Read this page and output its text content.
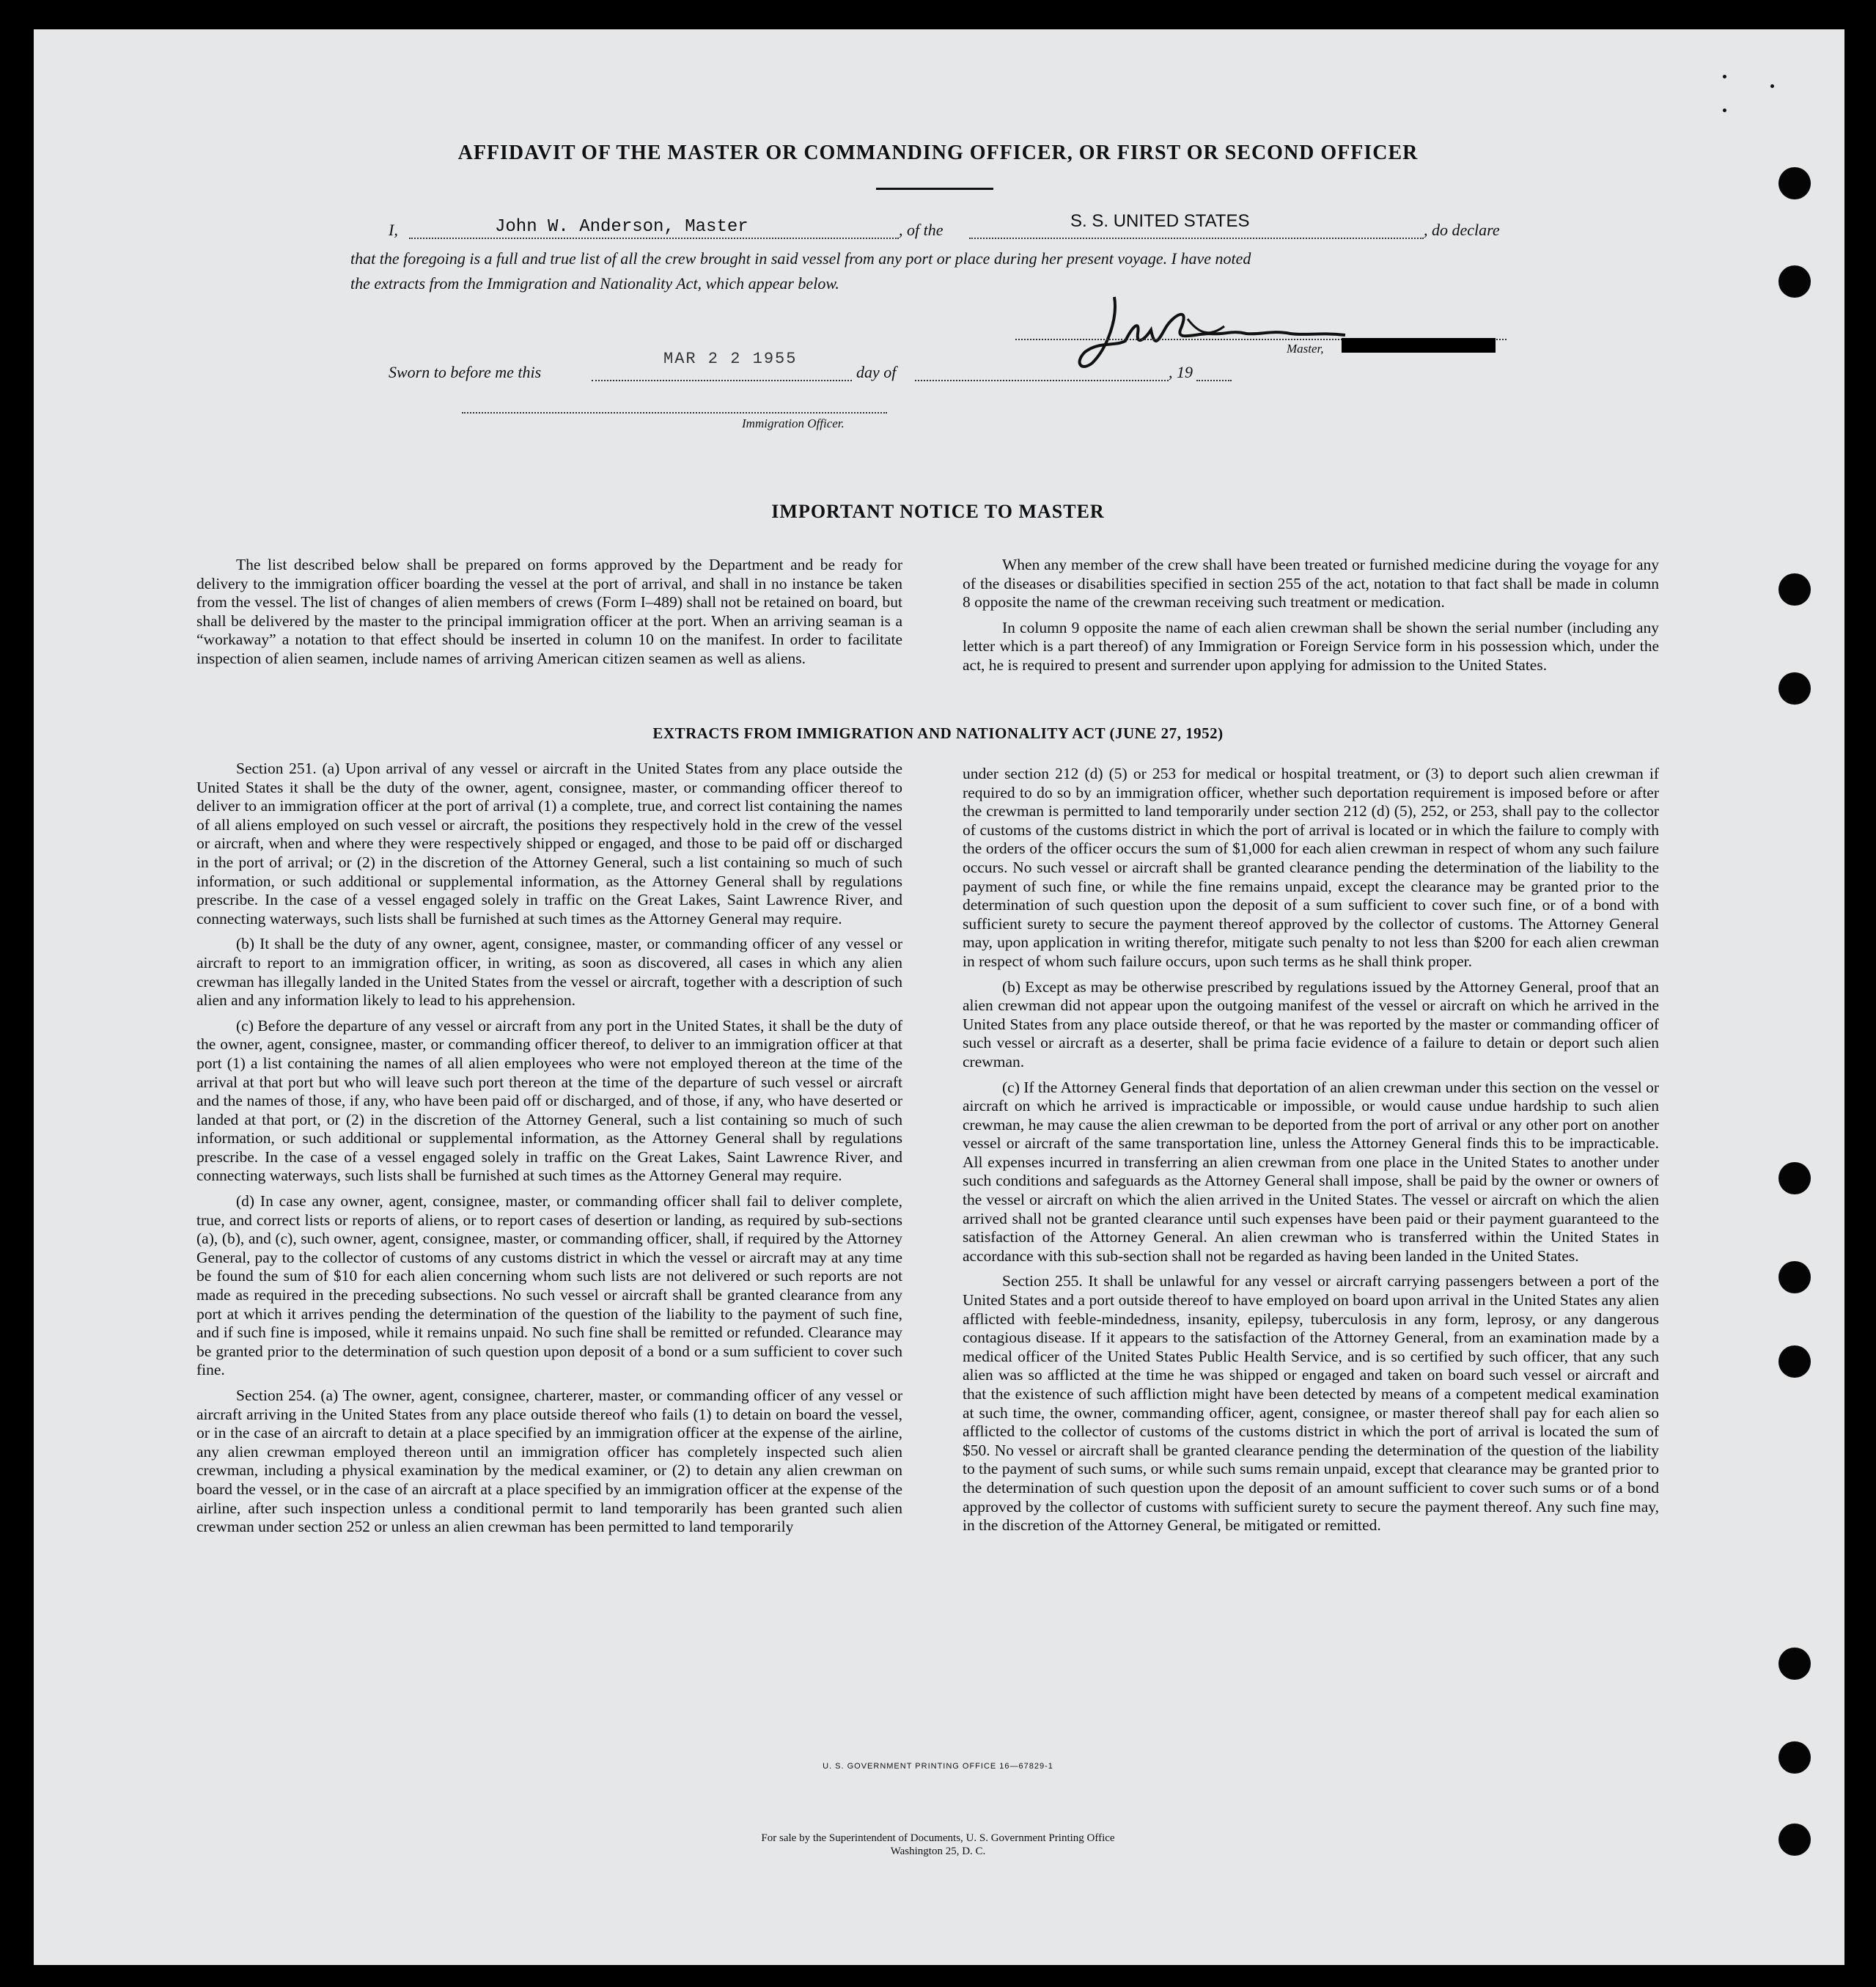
AFFIDAVIT OF THE MASTER OR COMMANDING OFFICER, OR FIRST OR SECOND OFFICER
I,	John W. Anderson, Master	, of the	S. S. UNITED STATES	, do declare
that the foregoing is a full and true list of all the crew brought in said vessel from any port or place during her present voyage. I have noted
the extracts from the Immigration and Nationality Act, which appear below.
Master,
Sworn to before me this
MAR 2 2 1955
day of	, 19
Immigration Officer.
IMPORTANT NOTICE TO MASTER

The list described below shall be prepared on forms approved by the Department and be ready for delivery to the immigration officer boarding the vessel at the port of arrival, and shall in no instance be taken from the vessel. The list of changes of alien members of crews (Form I–489) shall not be retained on board, but shall be delivered by the master to the principal immigration officer at the port. When an arriving seaman is a “workaway” a notation to that effect should be inserted in column 10 on the manifest. In order to facilitate inspection of alien seamen, include names of arriving American citizen seamen as well as aliens.

When any member of the crew shall have been treated or furnished medicine during the voyage for any of the diseases or disabilities specified in section 255 of the act, notation to that fact shall be made in column 8 opposite the name of the crewman receiving such treatment or medication.

In column 9 opposite the name of each alien crewman shall be shown the serial number (including any letter which is a part thereof) of any Immigration or Foreign Service form in his possession which, under the act, he is required to present and surrender upon applying for admission to the United States.

EXTRACTS FROM IMMIGRATION AND NATIONALITY ACT (JUNE 27, 1952)

Section 251. (a) Upon arrival of any vessel or aircraft in the United States from any place outside the United States it shall be the duty of the owner, agent, consignee, master, or commanding officer thereof to deliver to an immigration officer at the port of arrival (1) a complete, true, and correct list containing the names of all aliens employed on such vessel or aircraft, the positions they respectively hold in the crew of the vessel or aircraft, when and where they were respectively shipped or engaged, and those to be paid off or discharged in the port of arrival; or (2) in the discretion of the Attorney General, such a list containing so much of such information, or such additional or supplemental information, as the Attorney General shall by regulations prescribe. In the case of a vessel engaged solely in traffic on the Great Lakes, Saint Lawrence River, and connecting waterways, such lists shall be furnished at such times as the Attorney General may require.

(b) It shall be the duty of any owner, agent, consignee, master, or commanding officer of any vessel or aircraft to report to an immigration officer, in writing, as soon as discovered, all cases in which any alien crewman has illegally landed in the United States from the vessel or aircraft, together with a description of such alien and any information likely to lead to his apprehension.

(c) Before the departure of any vessel or aircraft from any port in the United States, it shall be the duty of the owner, agent, consignee, master, or commanding officer thereof, to deliver to an immigration officer at that port (1) a list containing the names of all alien employees who were not employed thereon at the time of the arrival at that port but who will leave such port thereon at the time of the departure of such vessel or aircraft and the names of those, if any, who have been paid off or discharged, and of those, if any, who have deserted or landed at that port, or (2) in the discretion of the Attorney General, such a list containing so much of such information, or such additional or supplemental information, as the Attorney General shall by regulations prescribe. In the case of a vessel engaged solely in traffic on the Great Lakes, Saint Lawrence River, and connecting waterways, such lists shall be furnished at such times as the Attorney General may require.

(d) In case any owner, agent, consignee, master, or commanding officer shall fail to deliver complete, true, and correct lists or reports of aliens, or to report cases of desertion or landing, as required by sub-sections (a), (b), and (c), such owner, agent, consignee, master, or commanding officer, shall, if required by the Attorney General, pay to the collector of customs of any customs district in which the vessel or aircraft may at any time be found the sum of $10 for each alien concerning whom such lists are not delivered or such reports are not made as required in the preceding subsections. No such vessel or aircraft shall be granted clearance from any port at which it arrives pending the determination of the question of the liability to the payment of such fine, and if such fine is imposed, while it remains unpaid. No such fine shall be remitted or refunded. Clearance may be granted prior to the determination of such question upon deposit of a bond or a sum sufficient to cover such fine.

Section 254. (a) The owner, agent, consignee, charterer, master, or commanding officer of any vessel or aircraft arriving in the United States from any place outside thereof who fails (1) to detain on board the vessel, or in the case of an aircraft to detain at a place specified by an immigration officer at the expense of the airline, any alien crewman employed thereon until an immigration officer has completely inspected such alien crewman, including a physical examination by the medical examiner, or (2) to detain any alien crewman on board the vessel, or in the case of an aircraft at a place specified by an immigration officer at the expense of the airline, after such inspection unless a conditional permit to land temporarily has been granted such alien crewman under section 252 or unless an alien crewman has been permitted to land temporarily

under section 212 (d) (5) or 253 for medical or hospital treatment, or (3) to deport such alien crewman if required to do so by an immigration officer, whether such deportation requirement is imposed before or after the crewman is permitted to land temporarily under section 212 (d) (5), 252, or 253, shall pay to the collector of customs of the customs district in which the port of arrival is located or in which the failure to comply with the orders of the officer occurs the sum of $1,000 for each alien crewman in respect of whom any such failure occurs. No such vessel or aircraft shall be granted clearance pending the determination of the liability to the payment of such fine, or while the fine remains unpaid, except the clearance may be granted prior to the determination of such question upon the deposit of a sum sufficient to cover such fine, or of a bond with sufficient surety to secure the payment thereof approved by the collector of customs. The Attorney General may, upon application in writing therefor, mitigate such penalty to not less than $200 for each alien crewman in respect of whom such failure occurs, upon such terms as he shall think proper.

(b) Except as may be otherwise prescribed by regulations issued by the Attorney General, proof that an alien crewman did not appear upon the outgoing manifest of the vessel or aircraft on which he arrived in the United States from any place outside thereof, or that he was reported by the master or commanding officer of such vessel or aircraft as a deserter, shall be prima facie evidence of a failure to detain or deport such alien crewman.

(c) If the Attorney General finds that deportation of an alien crewman under this section on the vessel or aircraft on which he arrived is impracticable or impossible, or would cause undue hardship to such alien crewman, he may cause the alien crewman to be deported from the port of arrival or any other port on another vessel or aircraft of the same transportation line, unless the Attorney General finds this to be impracticable. All expenses incurred in transferring an alien crewman from one place in the United States to another under such conditions and safeguards as the Attorney General shall impose, shall be paid by the owner or owners of the vessel or aircraft on which the alien arrived in the United States. The vessel or aircraft on which the alien arrived shall not be granted clearance until such expenses have been paid or their payment guaranteed to the satisfaction of the Attorney General. An alien crewman who is transferred within the United States in accordance with this sub-section shall not be regarded as having been landed in the United States.

Section 255. It shall be unlawful for any vessel or aircraft carrying passengers between a port of the United States and a port outside thereof to have employed on board upon arrival in the United States any alien afflicted with feeble-mindedness, insanity, epilepsy, tuberculosis in any form, leprosy, or any dangerous contagious disease. If it appears to the satisfaction of the Attorney General, from an examination made by a medical officer of the United States Public Health Service, and is so certified by such officer, that any such alien was so afflicted at the time he was shipped or engaged and taken on board such vessel or aircraft and that the existence of such affliction might have been detected by means of a competent medical examination at such time, the owner, commanding officer, agent, consignee, or master thereof shall pay for each alien so afflicted to the collector of customs of the customs district in which the port of arrival is located the sum of $50. No vessel or aircraft shall be granted clearance pending the determination of the question of the liability to the payment of such sums, or while such sums remain unpaid, except that clearance may be granted prior to the determination of such question upon the deposit of an amount sufficient to cover such sums or of a bond approved by the collector of customs with sufficient surety to secure the payment thereof. Any such fine may, in the discretion of the Attorney General, be mitigated or remitted.

U. S. GOVERNMENT PRINTING OFFICE 16—67829-1
For sale by the Superintendent of Documents, U. S. Government Printing Office
Washington 25, D. C.
